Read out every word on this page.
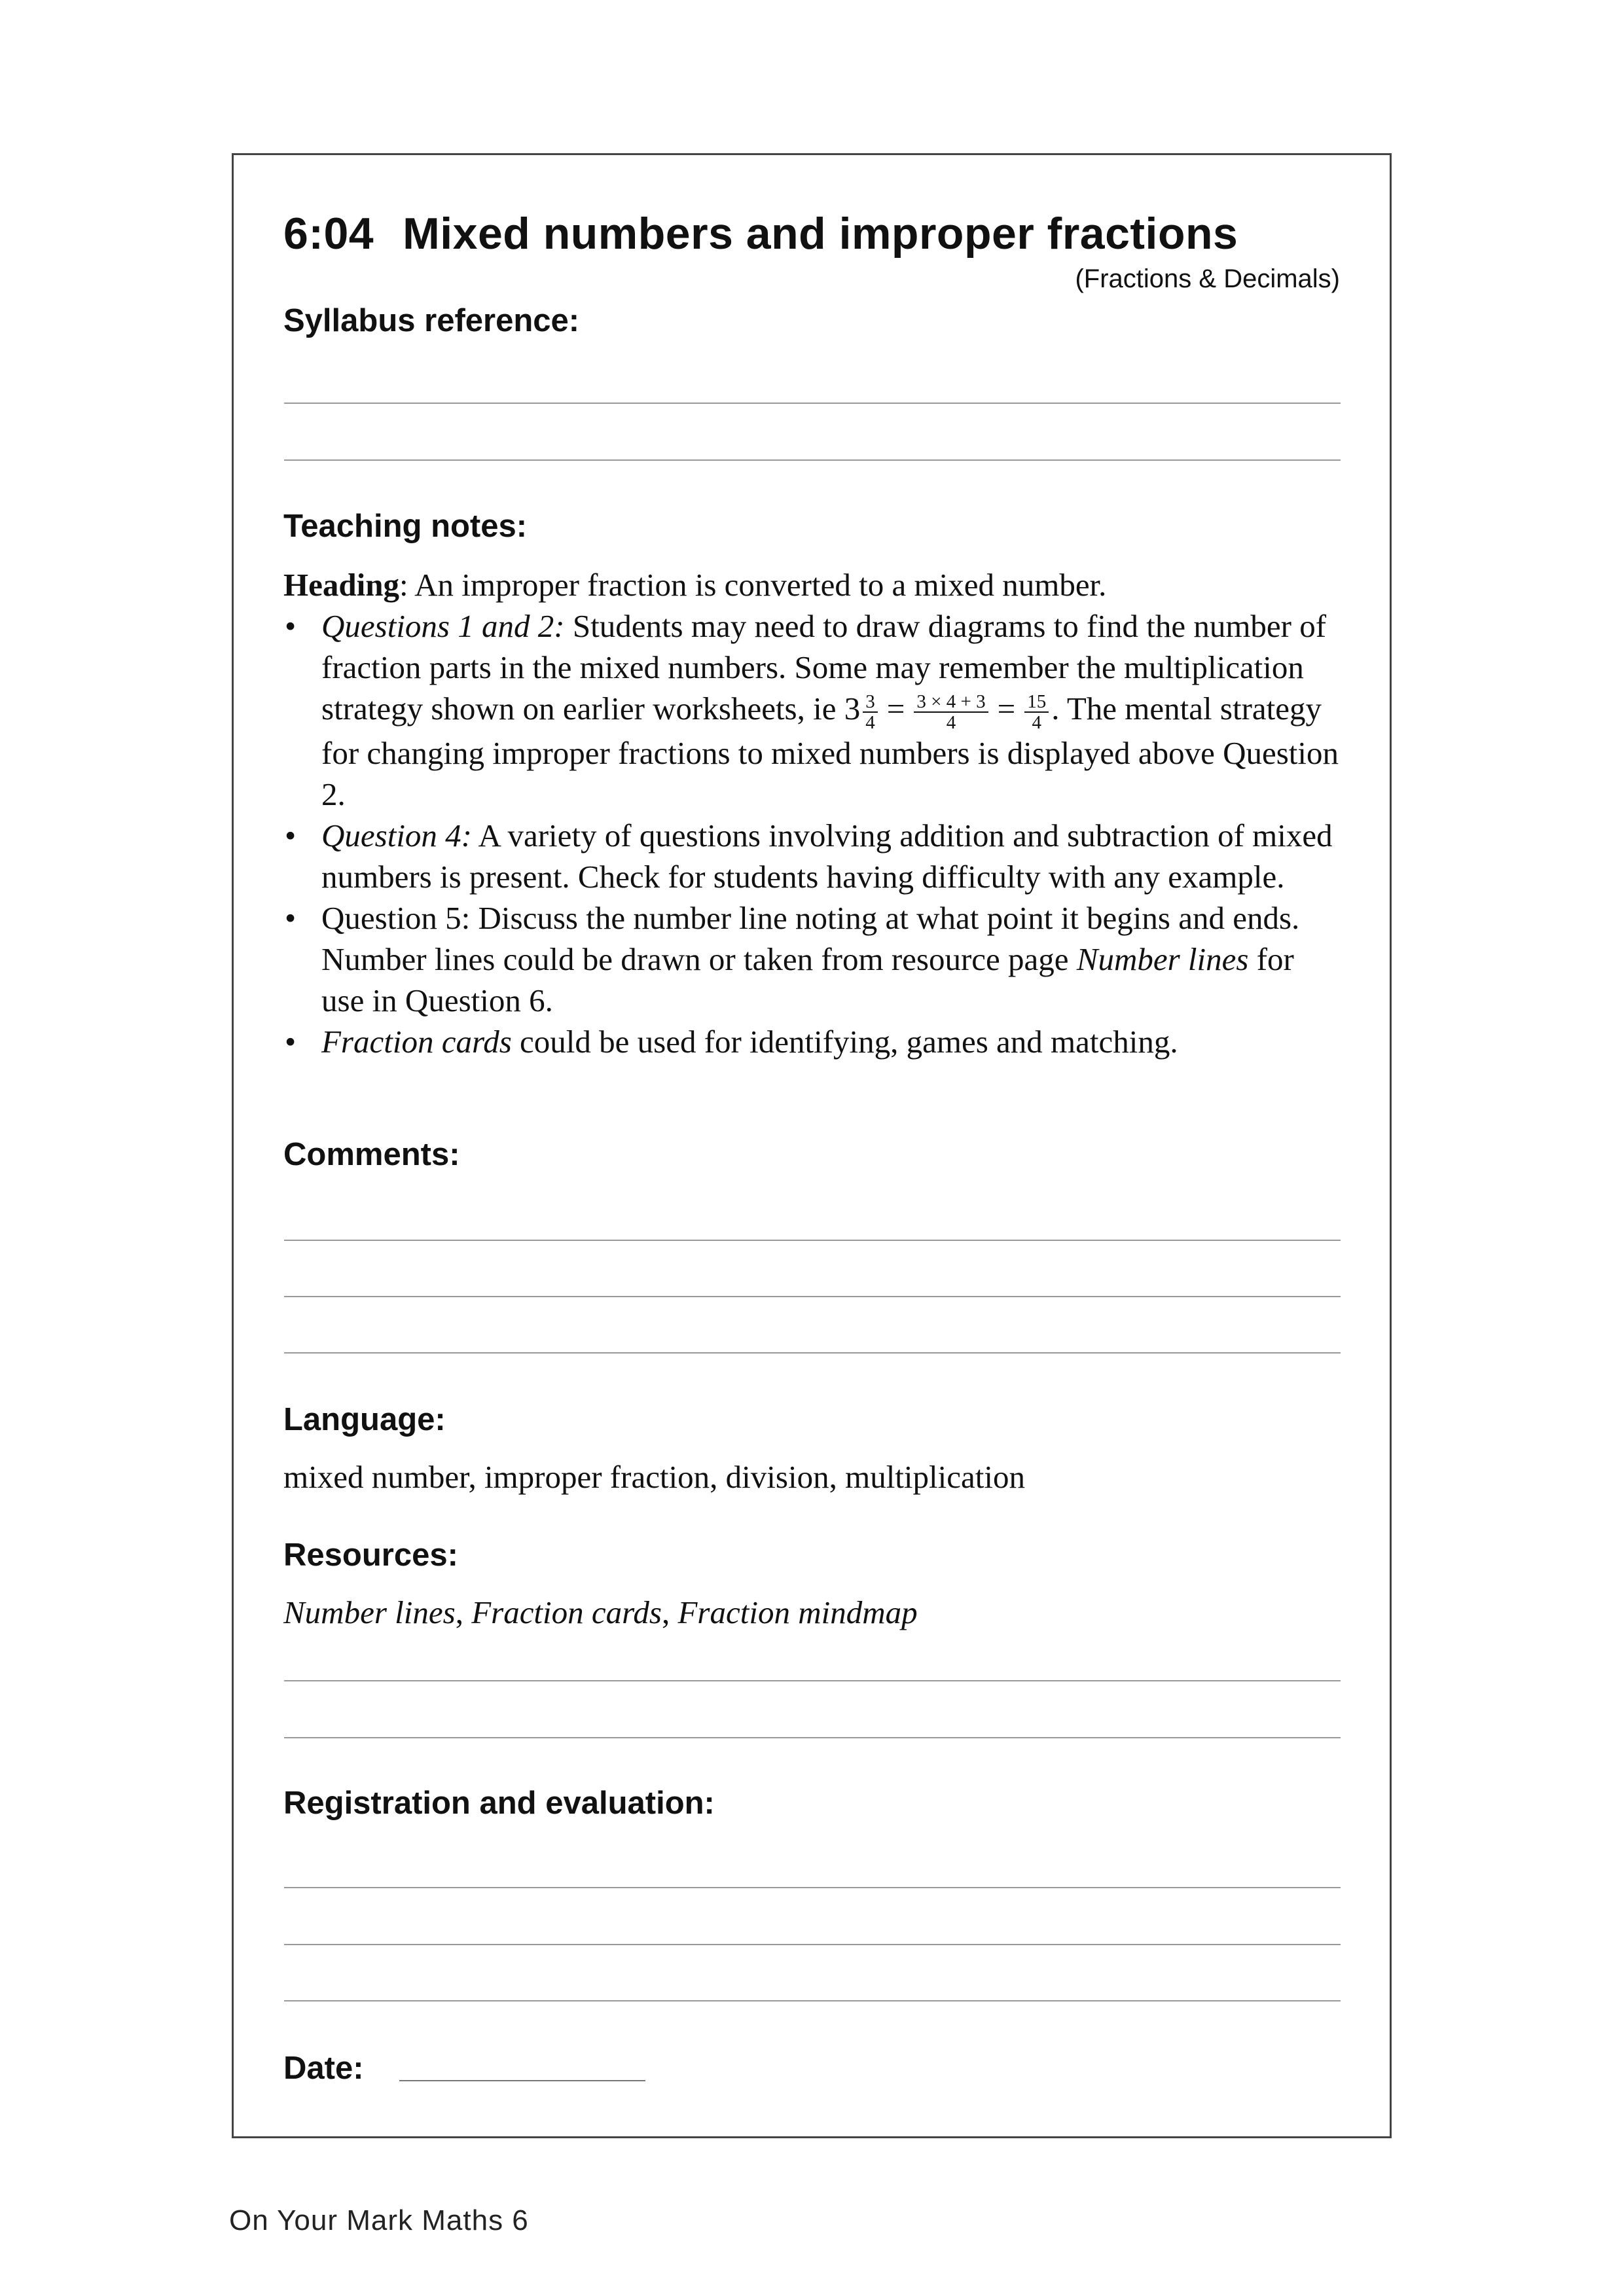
6:04 Mixed numbers and improper fractions
(Fractions & Decimals)
Syllabus reference:
Teaching notes:
Heading: An improper fraction is converted to a mixed number.
• Questions 1 and 2: Students may need to draw diagrams to find the number of fraction parts in the mixed numbers. Some may remember the multiplication strategy shown on earlier worksheets, ie $3 \frac{3}{4} = \frac{3 \times 4 + 3}{4} = \frac{15}{4}$ . The mental strategy for changing improper fractions to mixed numbers is displayed above Question 2.
• Question 4: A variety of questions involving addition and subtraction of mixed numbers is present. Check for students having difficulty with any example.
• Question 5: Discuss the number line noting at what point it begins and ends. Number lines could be drawn or taken from resource page Number lines for use in Question 6.
• Fraction cards could be used for identifying, games and matching.
Comments:
Language:
mixed number, improper fraction, division, multiplication
Resources:
Number lines, Fraction cards, Fraction mindmap
Registration and evaluation:
Date:
On Your Mark Maths 6
